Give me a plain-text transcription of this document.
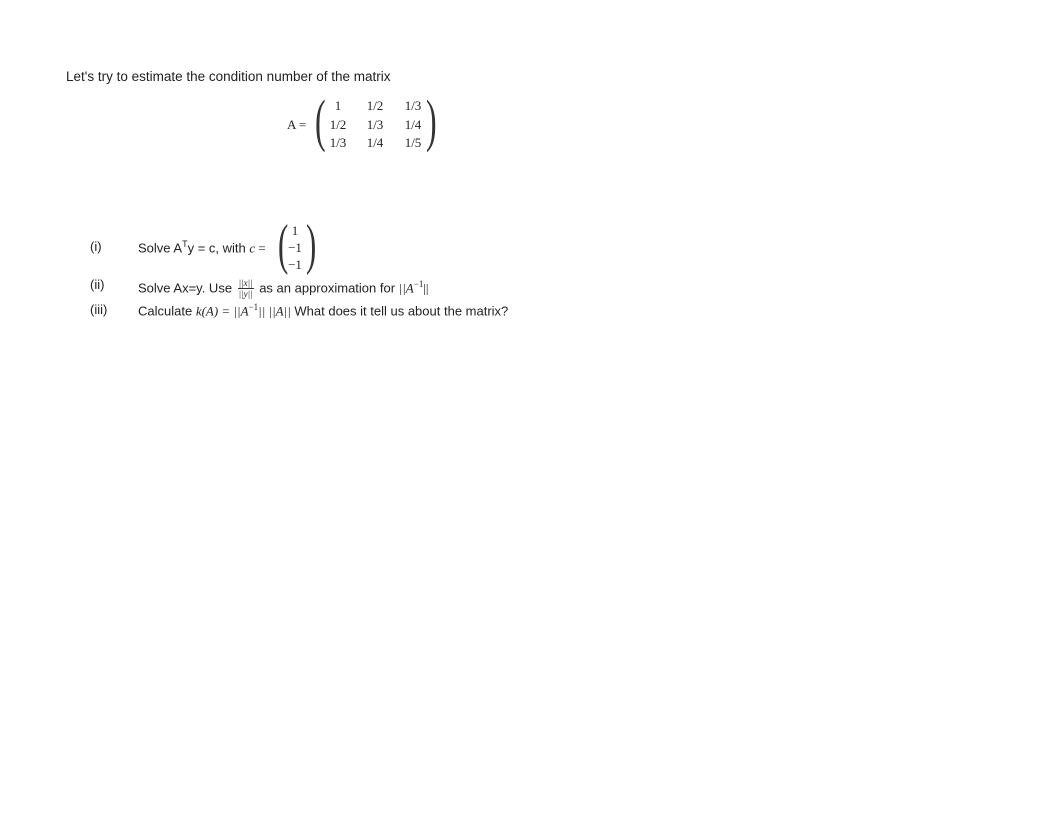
Let's try to estimate the condition number of the matrix
A = ( 1	1/2	1/3
1/2	1/3	1/4
1/3	1/4	1/5 )
(i)	Solve $A^Ty = c$, with c = ( 1
−1
−1 )
(ii)	Solve Ax=y. Use $\frac{||x||}{||y||}$ as an approximation for $||A^{-1}||$
(iii) Calculate $k(A) = ||A^{-1}||$ ||A|| What does it tell us about the matrix?
